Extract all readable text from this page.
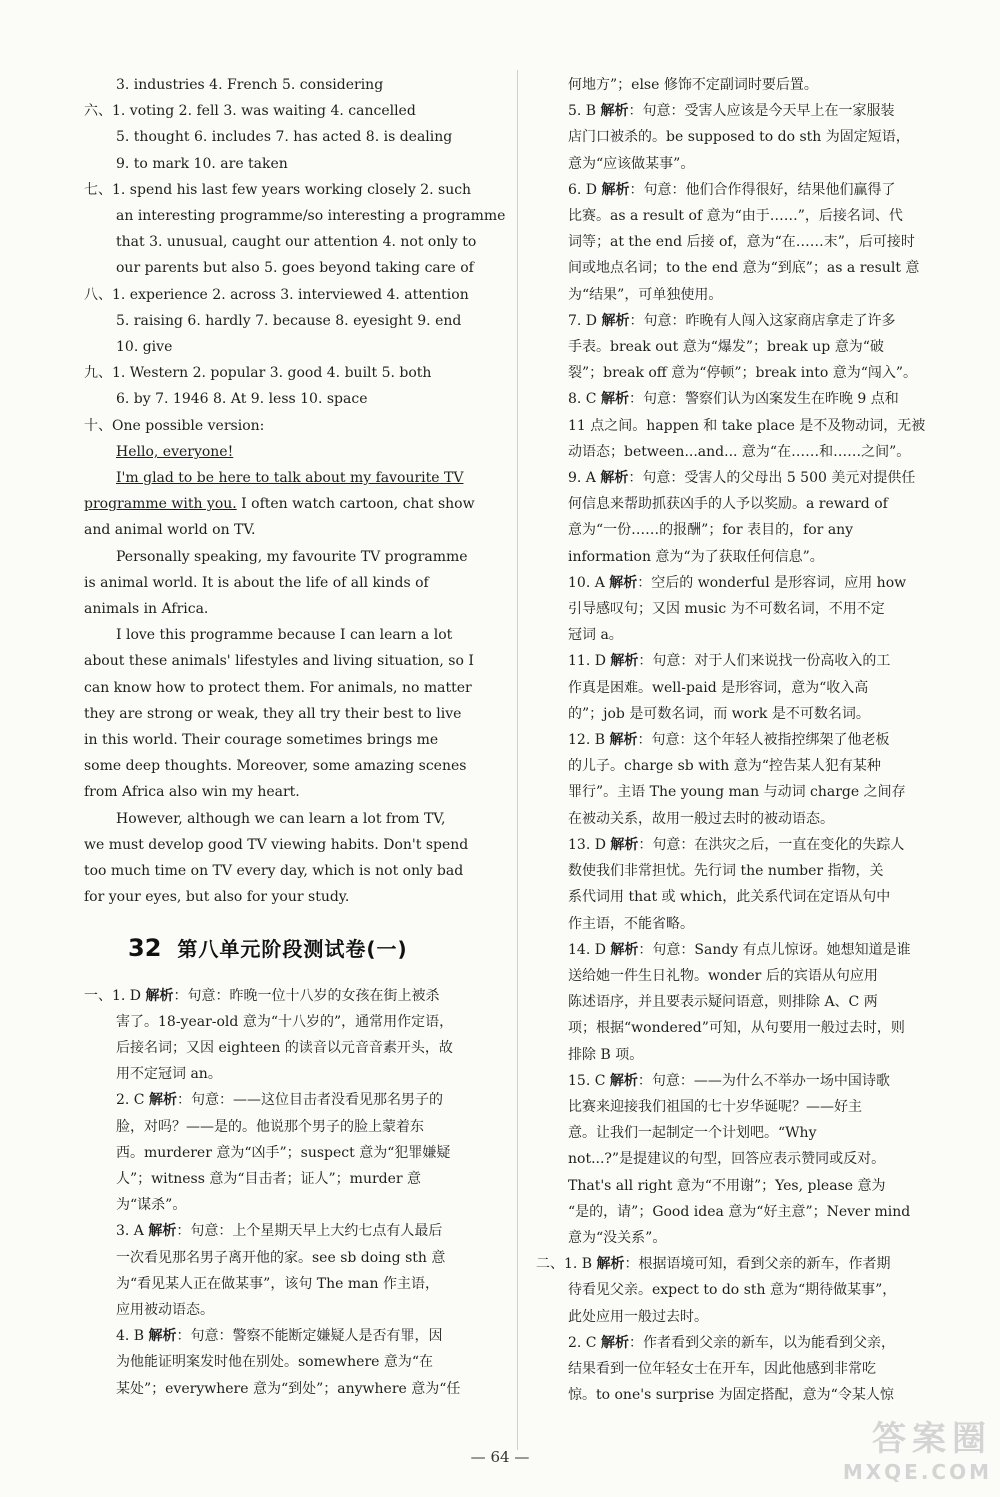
3. industries 4. French 5. considering
六、1. voting 2. fell 3. was waiting 4. cancelled
5. thought 6. includes 7. has acted 8. is dealing
9. to mark 10. are taken
七、1. spend his last few years working closely 2. such
an interesting programme/so interesting a programme
that 3. unusual, caught our attention 4. not only to
our parents but also 5. goes beyond taking care of
八、1. experience 2. across 3. interviewed 4. attention
5. raising 6. hardly 7. because 8. eyesight 9. end
10. give
九、1. Western 2. popular 3. good 4. built 5. both
6. by 7. 1946 8. At 9. less 10. space
十、One possible version:
Hello, everyone!
I'm glad to be here to talk about my favourite TV
programme with you. I often watch cartoon, chat show
and animal world on TV.
Personally speaking, my favourite TV programme
is animal world. It is about the life of all kinds of
animals in Africa.
I love this programme because I can learn a lot
about these animals' lifestyles and living situation, so I
can know how to protect them. For animals, no matter
they are strong or weak, they all try their best to live
in this world. Their courage sometimes brings me
some deep thoughts. Moreover, some amazing scenes
from Africa also win my heart.
However, although we can learn a lot from TV,
we must develop good TV viewing habits. Don't spend
too much time on TV every day, which is not only bad
for your eyes, but also for your study.
32 第八单元阶段测试卷(一)
一、1. D 解析：句意：昨晚一位十八岁的女孩在街上被杀
害了。18-year-old 意为“十八岁的”，通常用作定语，
后接名词；又因 eighteen 的读音以元音音素开头，故
用不定冠词 an。
2. C 解析：句意：——这位目击者没看见那名男子的
脸，对吗？——是的。他说那个男子的脸上蒙着东
西。murderer 意为“凶手”；suspect 意为“犯罪嫌疑
人”；witness 意为“目击者；证人”；murder 意
为“谋杀”。
3. A 解析：句意：上个星期天早上大约七点有人最后
一次看见那名男子离开他的家。see sb doing sth 意
为“看见某人正在做某事”，该句 The man 作主语，
应用被动语态。
4. B 解析：句意：警察不能断定嫌疑人是否有罪，因
为他能证明案发时他在别处。somewhere 意为“在
某处”；everywhere 意为“到处”；anywhere 意为“任
何地方”；else 修饰不定副词时要后置。
5. B 解析：句意：受害人应该是今天早上在一家服装
店门口被杀的。be supposed to do sth 为固定短语，
意为“应该做某事”。
6. D 解析：句意：他们合作得很好，结果他们赢得了
比赛。as a result of 意为“由于……”，后接名词、代
词等；at the end 后接 of，意为“在……末”，后可接时
间或地点名词；to the end 意为“到底”；as a result 意
为“结果”，可单独使用。
7. D 解析：句意：昨晚有人闯入这家商店拿走了许多
手表。break out 意为“爆发”；break up 意为“破
裂”；break off 意为“停顿”；break into 意为“闯入”。
8. C 解析：句意：警察们认为凶案发生在昨晚 9 点和
11 点之间。happen 和 take place 是不及物动词，无被
动语态；between...and... 意为“在……和……之间”。
9. A 解析：句意：受害人的父母出 5 500 美元对提供任
何信息来帮助抓获凶手的人予以奖励。a reward of
意为“一份……的报酬”；for 表目的，for any
information 意为“为了获取任何信息”。
10. A 解析：空后的 wonderful 是形容词，应用 how
引导感叹句；又因 music 为不可数名词，不用不定
冠词 a。
11. D 解析：句意：对于人们来说找一份高收入的工
作真是困难。well-paid 是形容词，意为“收入高
的”；job 是可数名词，而 work 是不可数名词。
12. B 解析：句意：这个年轻人被指控绑架了他老板
的儿子。charge sb with 意为“控告某人犯有某种
罪行”。主语 The young man 与动词 charge 之间存
在被动关系，故用一般过去时的被动语态。
13. D 解析：句意：在洪灾之后，一直在变化的失踪人
数使我们非常担忧。先行词 the number 指物，关
系代词用 that 或 which，此关系代词在定语从句中
作主语，不能省略。
14. D 解析：句意：Sandy 有点儿惊讶。她想知道是谁
送给她一件生日礼物。wonder 后的宾语从句应用
陈述语序，并且要表示疑问语意，则排除 A、C 两
项；根据“wondered”可知，从句要用一般过去时，则
排除 B 项。
15. C 解析：句意：——为什么不举办一场中国诗歌
比赛来迎接我们祖国的七十岁华诞呢？——好主
意。让我们一起制定一个计划吧。“Why
not...?”是提建议的句型，回答应表示赞同或反对。
That's all right 意为“不用谢”；Yes, please 意为
“是的，请”；Good idea 意为“好主意”；Never mind
意为“没关系”。
二、1. B 解析：根据语境可知，看到父亲的新车，作者期
待看见父亲。expect to do sth 意为“期待做某事”，
此处应用一般过去时。
2. C 解析：作者看到父亲的新车，以为能看到父亲，
结果看到一位年轻女士在开车，因此他感到非常吃
惊。to one's surprise 为固定搭配，意为“令某人惊
— 64 —	答案圈
MXQE.COM
